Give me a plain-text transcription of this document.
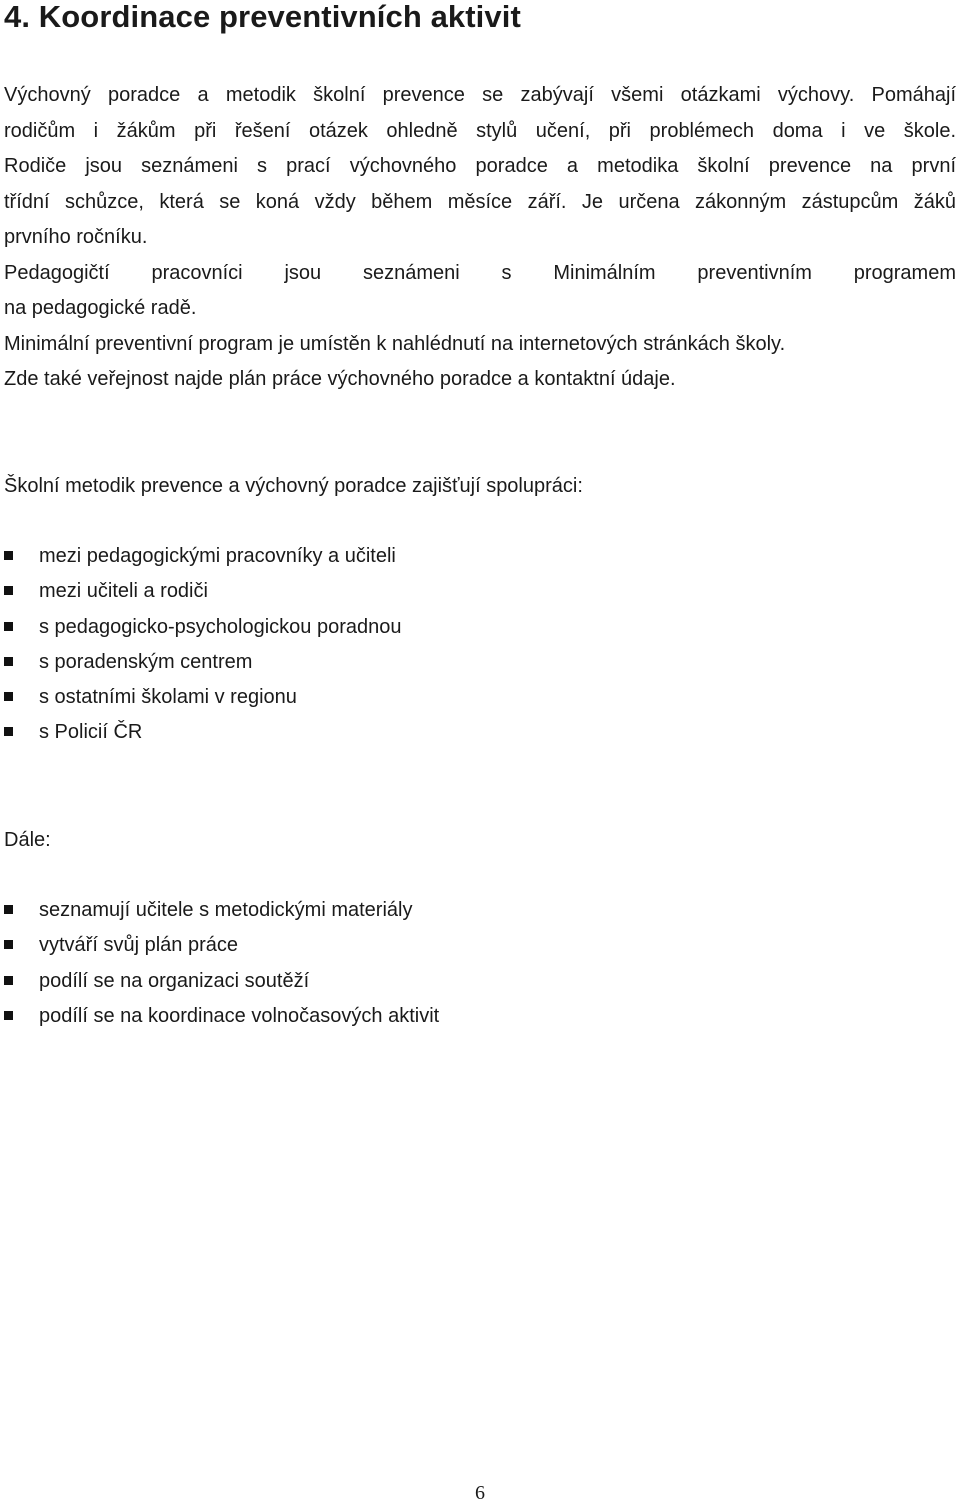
4. Koordinace preventivních aktivit
Výchovný poradce a metodik školní prevence se zabývají všemi otázkami výchovy. Pomáhají
rodičům i žákům při řešení otázek ohledně stylů učení, při problémech doma i ve škole.
Rodiče jsou seznámeni s prací výchovného poradce a metodika školní prevence na první
třídní schůzce, která se koná vždy během měsíce září. Je určena zákonným zástupcům žáků
prvního ročníku.
Pedagogičtí pracovníci jsou seznámeni s Minimálním preventivním programem
na pedagogické radě.
Minimální preventivní program je umístěn k nahlédnutí na internetových stránkách školy.
Zde také veřejnost najde plán práce výchovného poradce a kontaktní údaje.

Školní metodik prevence a výchovný poradce zajišťují spolupráci:

mezi pedagogickými pracovníky a učiteli
mezi učiteli a rodiči
s pedagogicko-psychologickou poradnou
s poradenským centrem
s ostatními školami v regionu
s Policií ČR

Dále:

seznamují učitele s metodickými materiály
vytváří svůj plán práce
podílí se na organizaci soutěží
podílí se na koordinace volnočasových aktivit
6
